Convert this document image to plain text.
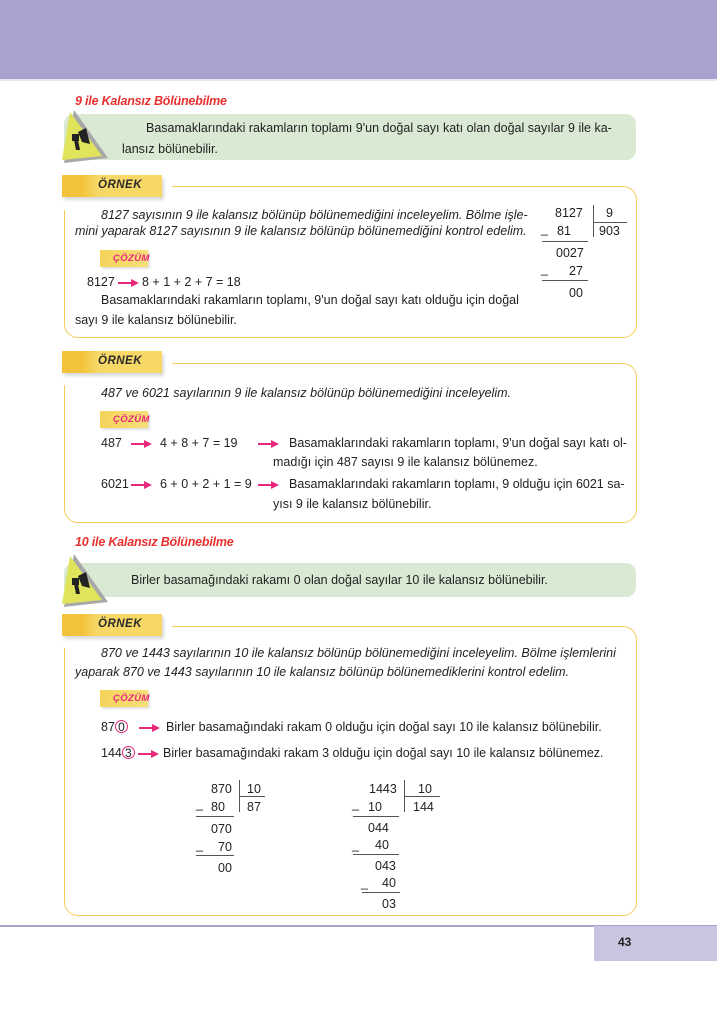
9 ile Kalansız Bölünebilme
Basamaklarındaki rakamların toplamı 9'un doğal sayı katı olan doğal sayılar 9 ile ka-
lansız bölünebilir.
ÖRNEK
8127 sayısının 9 ile kalansız bölünüp bölünemediğini inceleyelim. Bölme işle-
mini yaparak 8127 sayısının 9 ile kalansız bölünüp bölünemediğini kontrol edelim.
ÇÖZÜM
8127 8 + 1 + 2 + 7 = 18
Basamaklarındaki rakamların toplamı, 9'un doğal sayı katı olduğu için doğal
sayı 9 ile kalansız bölünebilir.
8127 9
_ 81 903
0027
_ 27
00
ÖRNEK
487 ve 6021 sayılarının 9 ile kalansız bölünüp bölünemediğini inceleyelim.
ÇÖZÜM
487	4 + 8 + 7 = 19	Basamaklarındaki rakamların toplamı, 9'un doğal sayı katı ol-
madığı için 487 sayısı 9 ile kalansız bölünemez.
6021 6 + 0 + 2 + 1 = 9	Basamaklarındaki rakamların toplamı, 9 olduğu için 6021 sa-
yısı 9 ile kalansız bölünebilir.
10 ile Kalansız Bölünebilme
Birler basamağındaki rakamı 0 olan doğal sayılar 10 ile kalansız bölünebilir.
ÖRNEK
870 ve 1443 sayılarının 10 ile kalansız bölünüp bölünemediğini inceleyelim. Bölme işlemlerini
yaparak 870 ve 1443 sayılarının 10 ile kalansız bölünüp bölünemediklerini kontrol edelim.
ÇÖZÜM
87 0	Birler basamağındaki rakam 0 olduğu için doğal sayı 10 ile kalansız bölünebilir.
144 3	Birler basamağındaki rakam 3 olduğu için doğal sayı 10 ile kalansız bölünemez.
870 10
_ 80 87
070
_ 70
00
1443 10
_ 10 144
044
_ 40
043
_ 40
03
43
